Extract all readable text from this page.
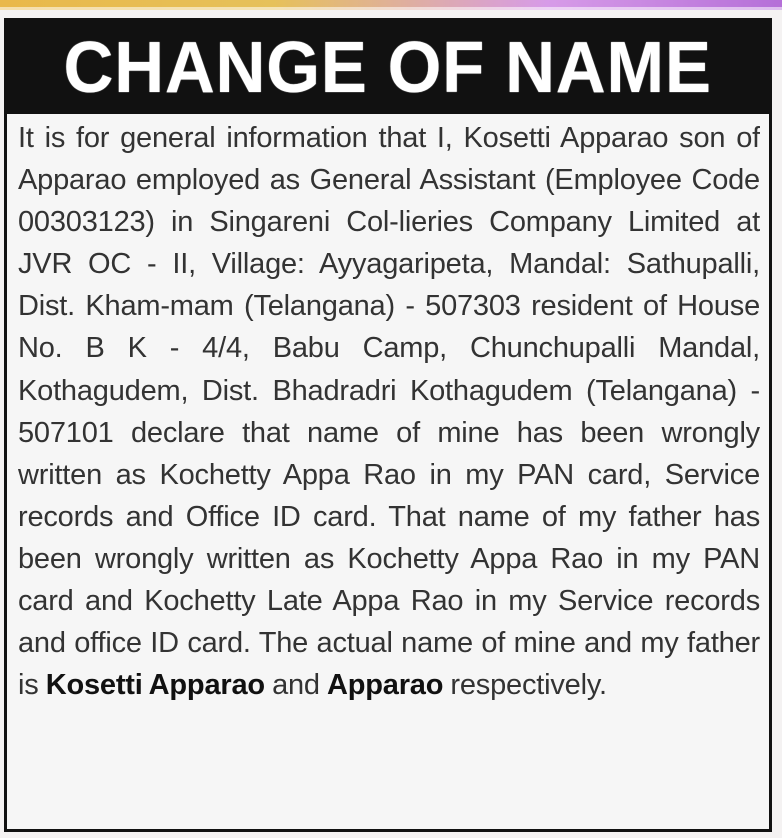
CHANGE OF NAME
It is for general information that I, Kosetti Apparao son of Apparao employed as General Assistant (Employee Code 00303123) in Singareni Col-lieries Company Limited at JVR OC - II, Village: Ayyagaripeta, Mandal: Sathupalli, Dist. Kham-mam (Telangana) - 507303 resident of House No. B K - 4/4, Babu Camp, Chunchupalli Mandal, Kothagudem, Dist. Bhadradri Kothagudem (Telangana) - 507101 declare that name of mine has been wrongly written as Kochetty Appa Rao in my PAN card, Service records and Office ID card. That name of my father has been wrongly written as Kochetty Appa Rao in my PAN card and Kochetty Late Appa Rao in my Service records and office ID card. The actual name of mine and my father is Kosetti Apparao and Apparao respectively.
